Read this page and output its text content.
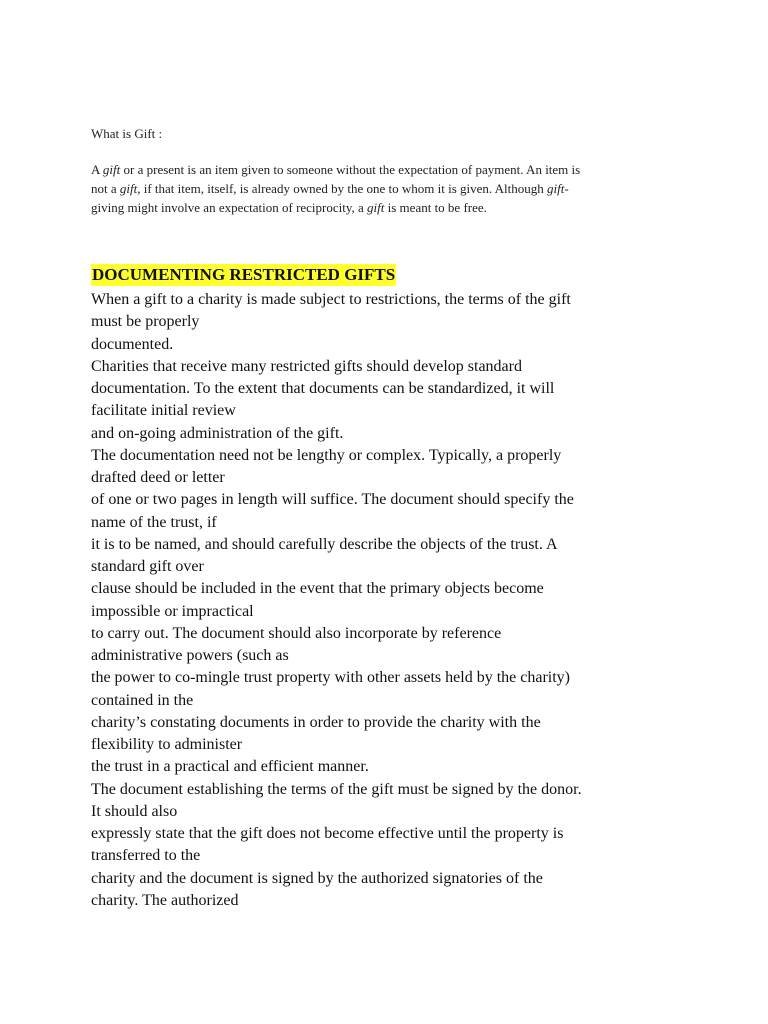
What is Gift :
A gift or a present is an item given to someone without the expectation of payment. An item is
not a gift, if that item, itself, is already owned by the one to whom it is given. Although gift-
giving might involve an expectation of reciprocity, a gift is meant to be free.
DOCUMENTING RESTRICTED GIFTS
When a gift to a charity is made subject to restrictions, the terms of the gift
must be properly
documented.
Charities that receive many restricted gifts should develop standard
documentation. To the extent that documents can be standardized, it will
facilitate initial review
and on-going administration of the gift.
The documentation need not be lengthy or complex. Typically, a properly
drafted deed or letter
of one or two pages in length will suffice. The document should specify the
name of the trust, if
it is to be named, and should carefully describe the objects of the trust. A
standard gift over
clause should be included in the event that the primary objects become
impossible or impractical
to carry out. The document should also incorporate by reference
administrative powers (such as
the power to co-mingle trust property with other assets held by the charity)
contained in the
charity’s constating documents in order to provide the charity with the
flexibility to administer
the trust in a practical and efficient manner.
The document establishing the terms of the gift must be signed by the donor.
It should also
expressly state that the gift does not become effective until the property is
transferred to the
charity and the document is signed by the authorized signatories of the
charity. The authorized
